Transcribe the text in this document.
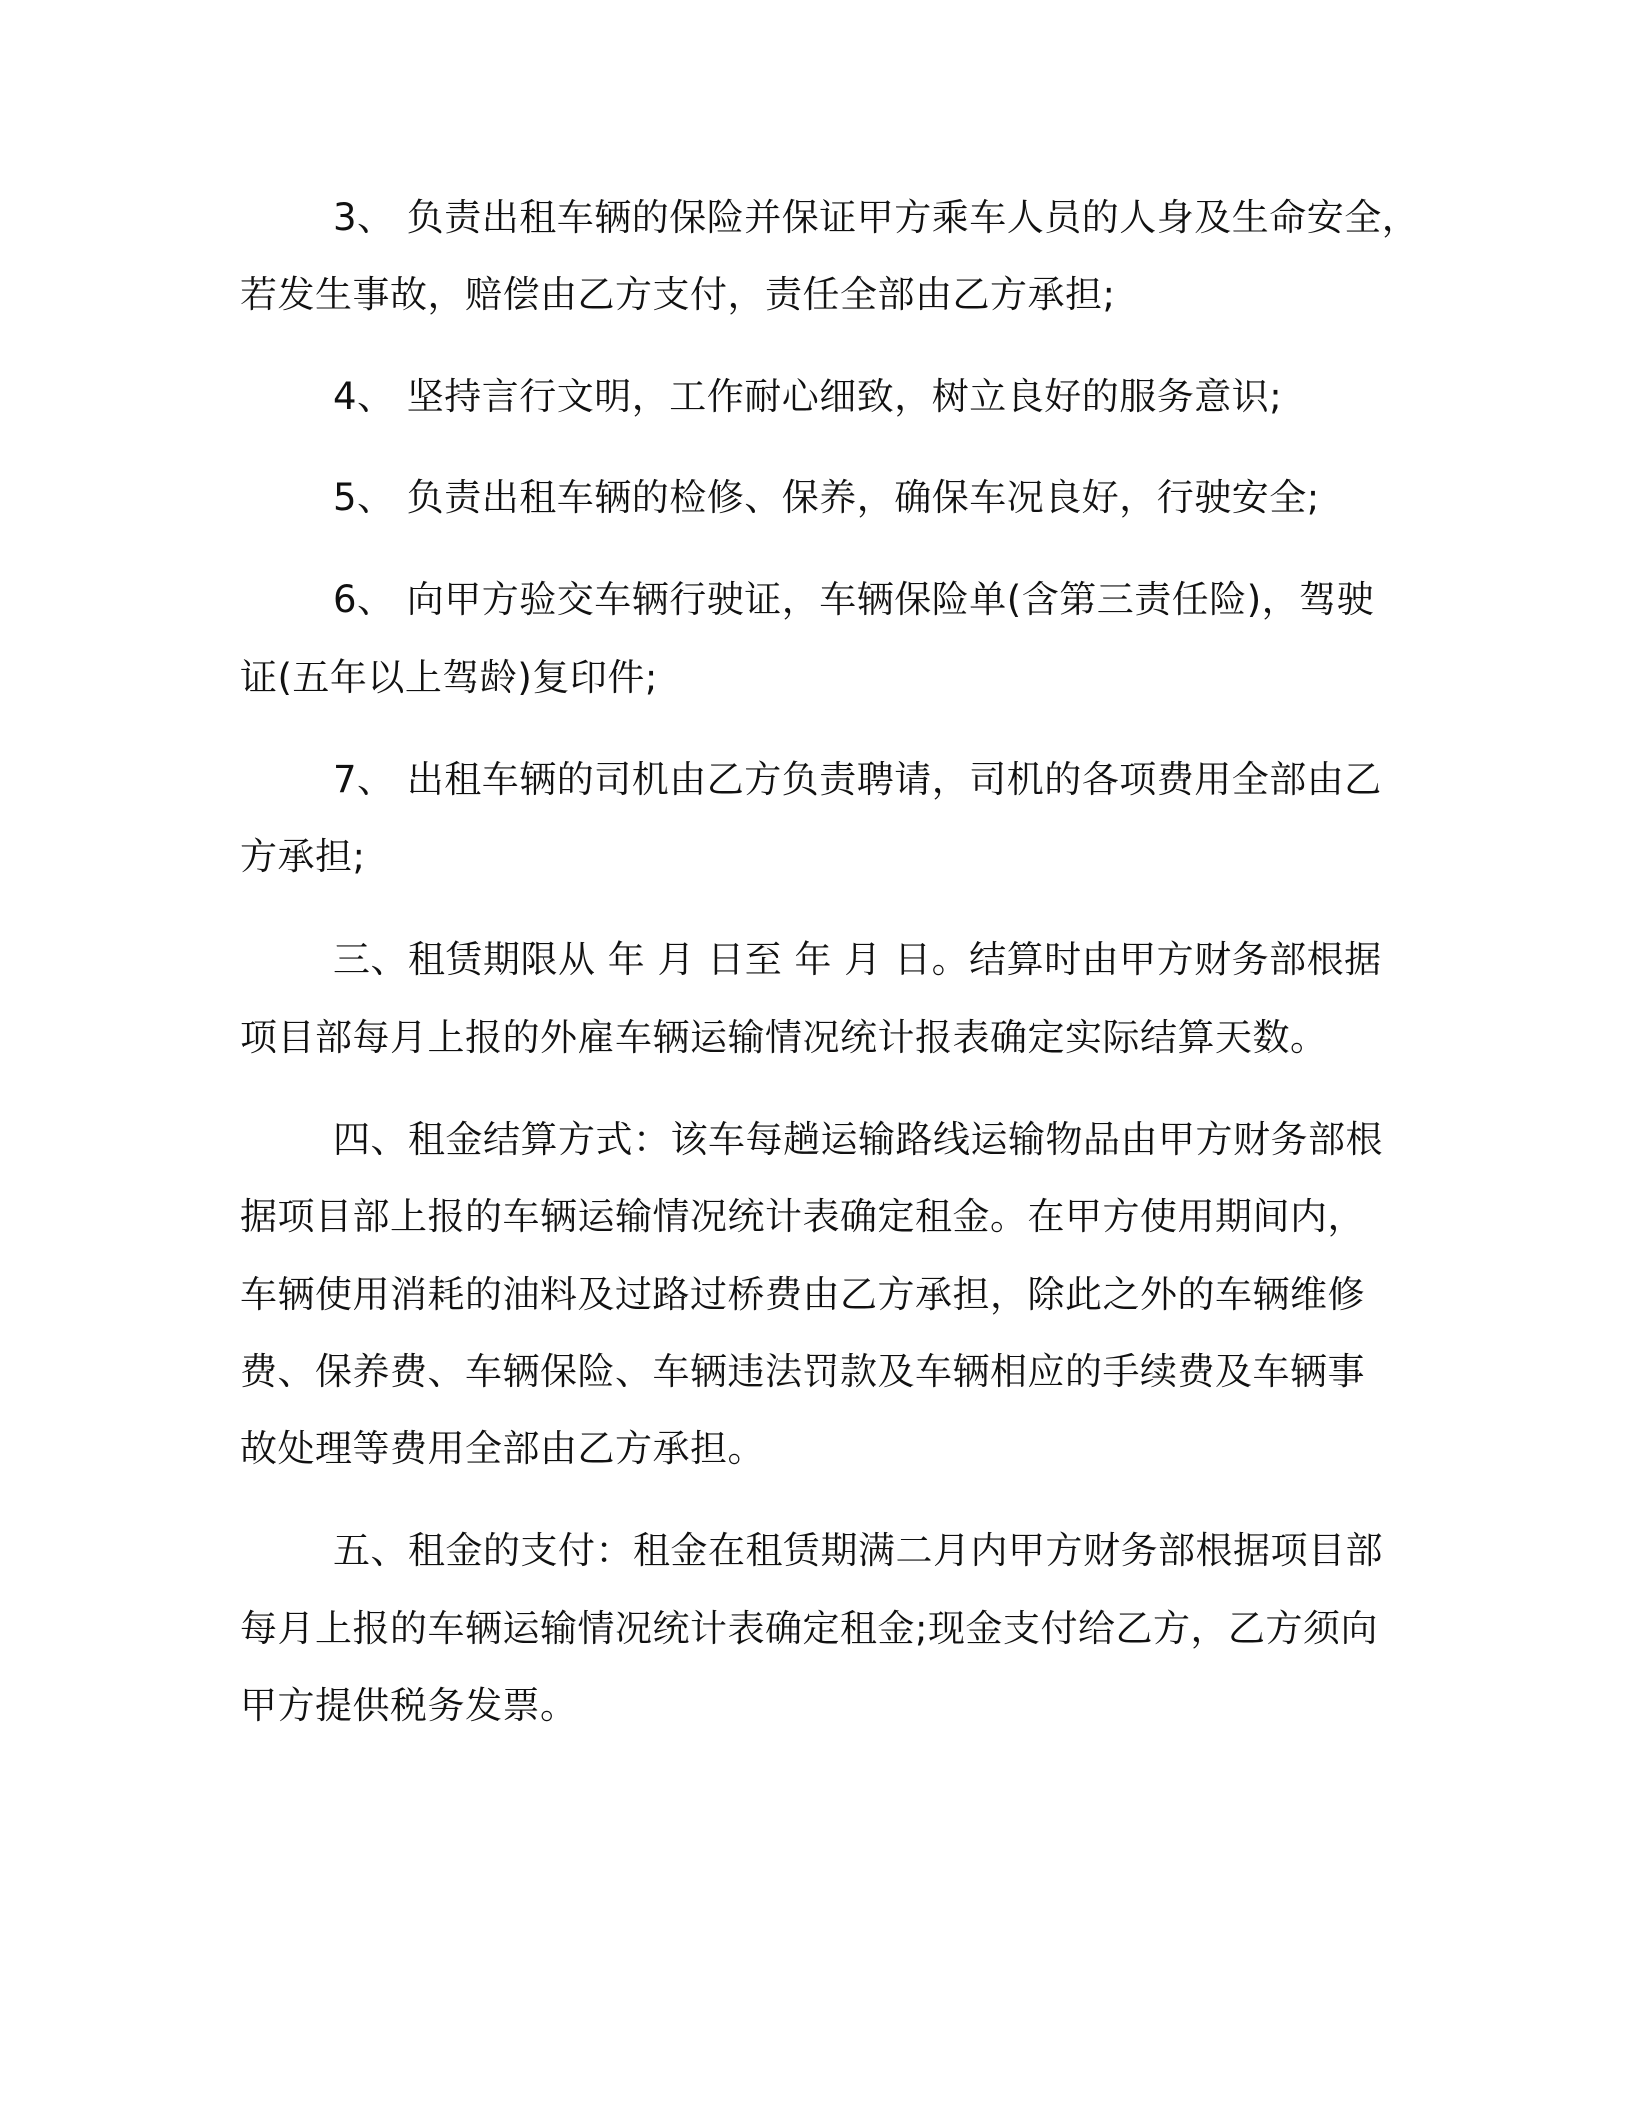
3、 负责出租车辆的保险并保证甲方乘车人员的人身及生命安全，
若发生事故，赔偿由乙方支付，责任全部由乙方承担;
4、 坚持言行文明，工作耐心细致，树立良好的服务意识;
5、 负责出租车辆的检修、保养，确保车况良好，行驶安全;
6、 向甲方验交车辆行驶证，车辆保险单(含第三责任险)，驾驶
证(五年以上驾龄)复印件;
7、 出租车辆的司机由乙方负责聘请，司机的各项费用全部由乙
方承担;
三、租赁期限从 年 月 日至 年 月 日。结算时由甲方财务部根据
项目部每月上报的外雇车辆运输情况统计报表确定实际结算天数。
四、租金结算方式：该车每趟运输路线运输物品由甲方财务部根
据项目部上报的车辆运输情况统计表确定租金。在甲方使用期间内，
车辆使用消耗的油料及过路过桥费由乙方承担，除此之外的车辆维修
费、保养费、车辆保险、车辆违法罚款及车辆相应的手续费及车辆事
故处理等费用全部由乙方承担。
五、租金的支付：租金在租赁期满二月内甲方财务部根据项目部
每月上报的车辆运输情况统计表确定租金;现金支付给乙方，乙方须向
甲方提供税务发票。
